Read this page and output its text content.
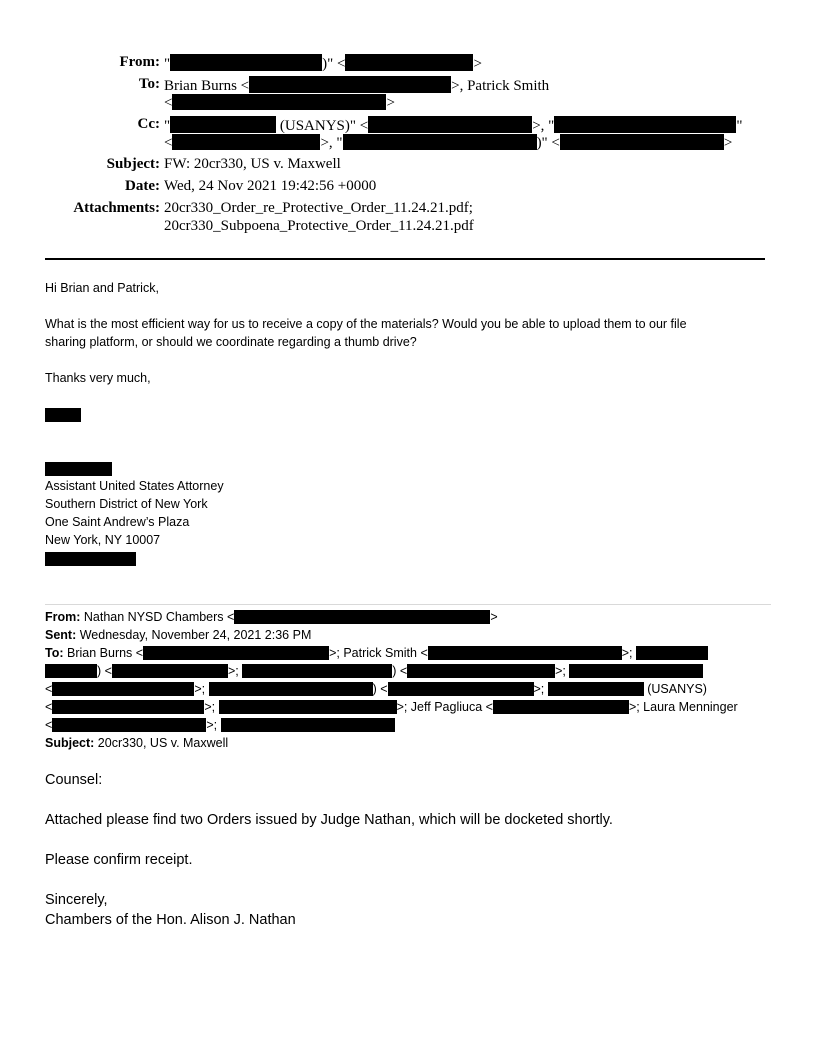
From: "	)" <	>
To: Brian Burns <	>, Patrick Smith
<	>
Cc: "	(USANYS)" <	>, "	"
<	>, "	)" <	>
Subject: FW: 20cr330, US v. Maxwell
Date: Wed, 24 Nov 2021 19:42:56 +0000
Attachments: 20cr330_Order_re_Protective_Order_11.24.21.pdf;
20cr330_Subpoena_Protective_Order_11.24.21.pdf
Hi Brian and Patrick,
What is the most efficient way for us to receive a copy of the materials? Would you be able to upload them to our file
sharing platform, or should we coordinate regarding a thumb drive?
Thanks very much,
Assistant United States Attorney
Southern District of New York
One Saint Andrew’s Plaza
New York, NY 10007
From: Nathan NYSD Chambers <	>
Sent: Wednesday, November 24, 2021 2:36 PM
To: Brian Burns <	>; Patrick Smith <	>;
) <	>;	) <	>;
<	>;	) <	>;	(USANYS)
<	>;	>; Jeff Pagliuca <	>; Laura Menninger
<	>;
Subject: 20cr330, US v. Maxwell
Counsel:
Attached please find two Orders issued by Judge Nathan, which will be docketed shortly.
Please confirm receipt.
Sincerely,
Chambers of the Hon. Alison J. Nathan
